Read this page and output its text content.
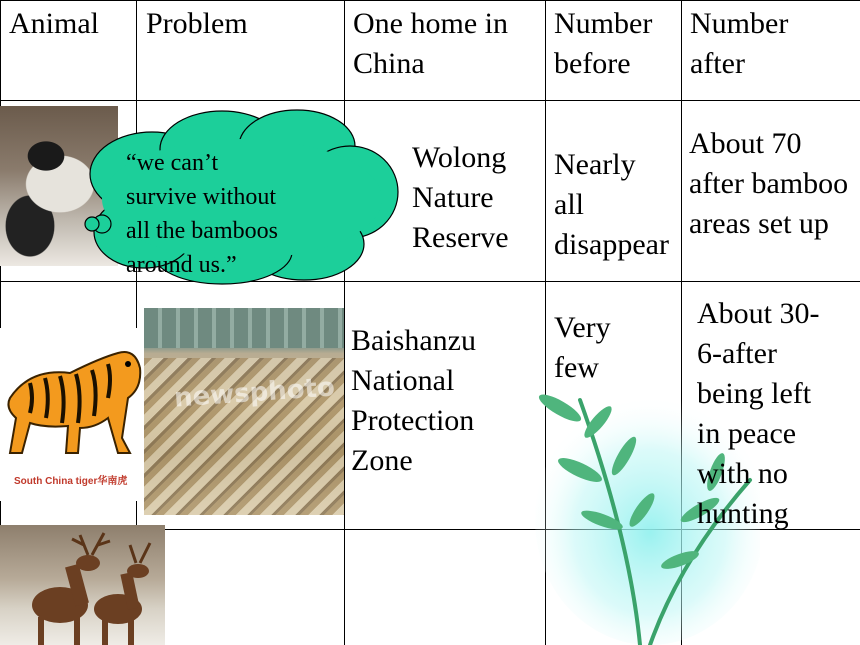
Animal Problem	One home in
China
Number
before
Number
after
“we can’t
survive without
all the bamboos
around us.”
Wolong
Nature
Reserve
Nearly
all
disappear
About 70
after bamboo
areas set up
South China tiger华南虎
newsphoto
Baishanzu
National
Protection
Zone
Very
few
About 30-
6-after
being left
in peace
with no
hunting
